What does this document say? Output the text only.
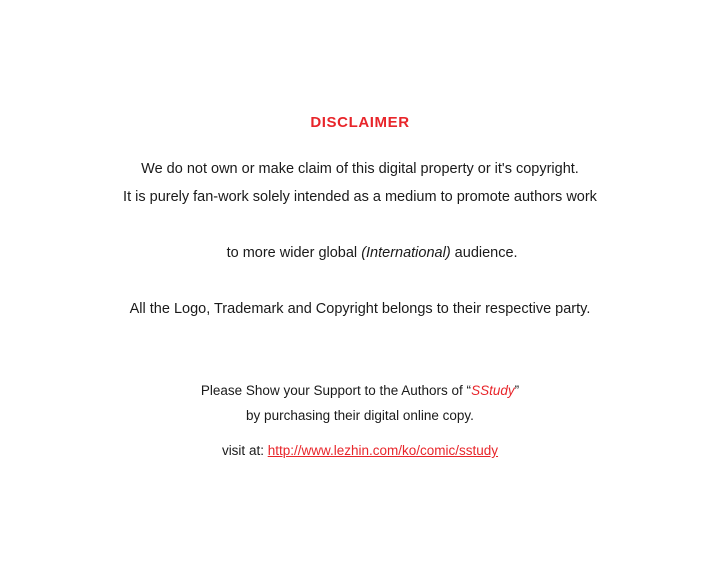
DISCLAIMER
We do not own or make claim of this digital property or it's copyright.
It is purely fan-work solely intended as a medium to promote authors work

to more wider global (International) audience.

All the Logo, Trademark and Copyright belongs to their respective party.
Please Show your Support to the Authors of “SStudy”
by purchasing their digital online copy.
visit at: http://www.lezhin.com/ko/comic/sstudy
